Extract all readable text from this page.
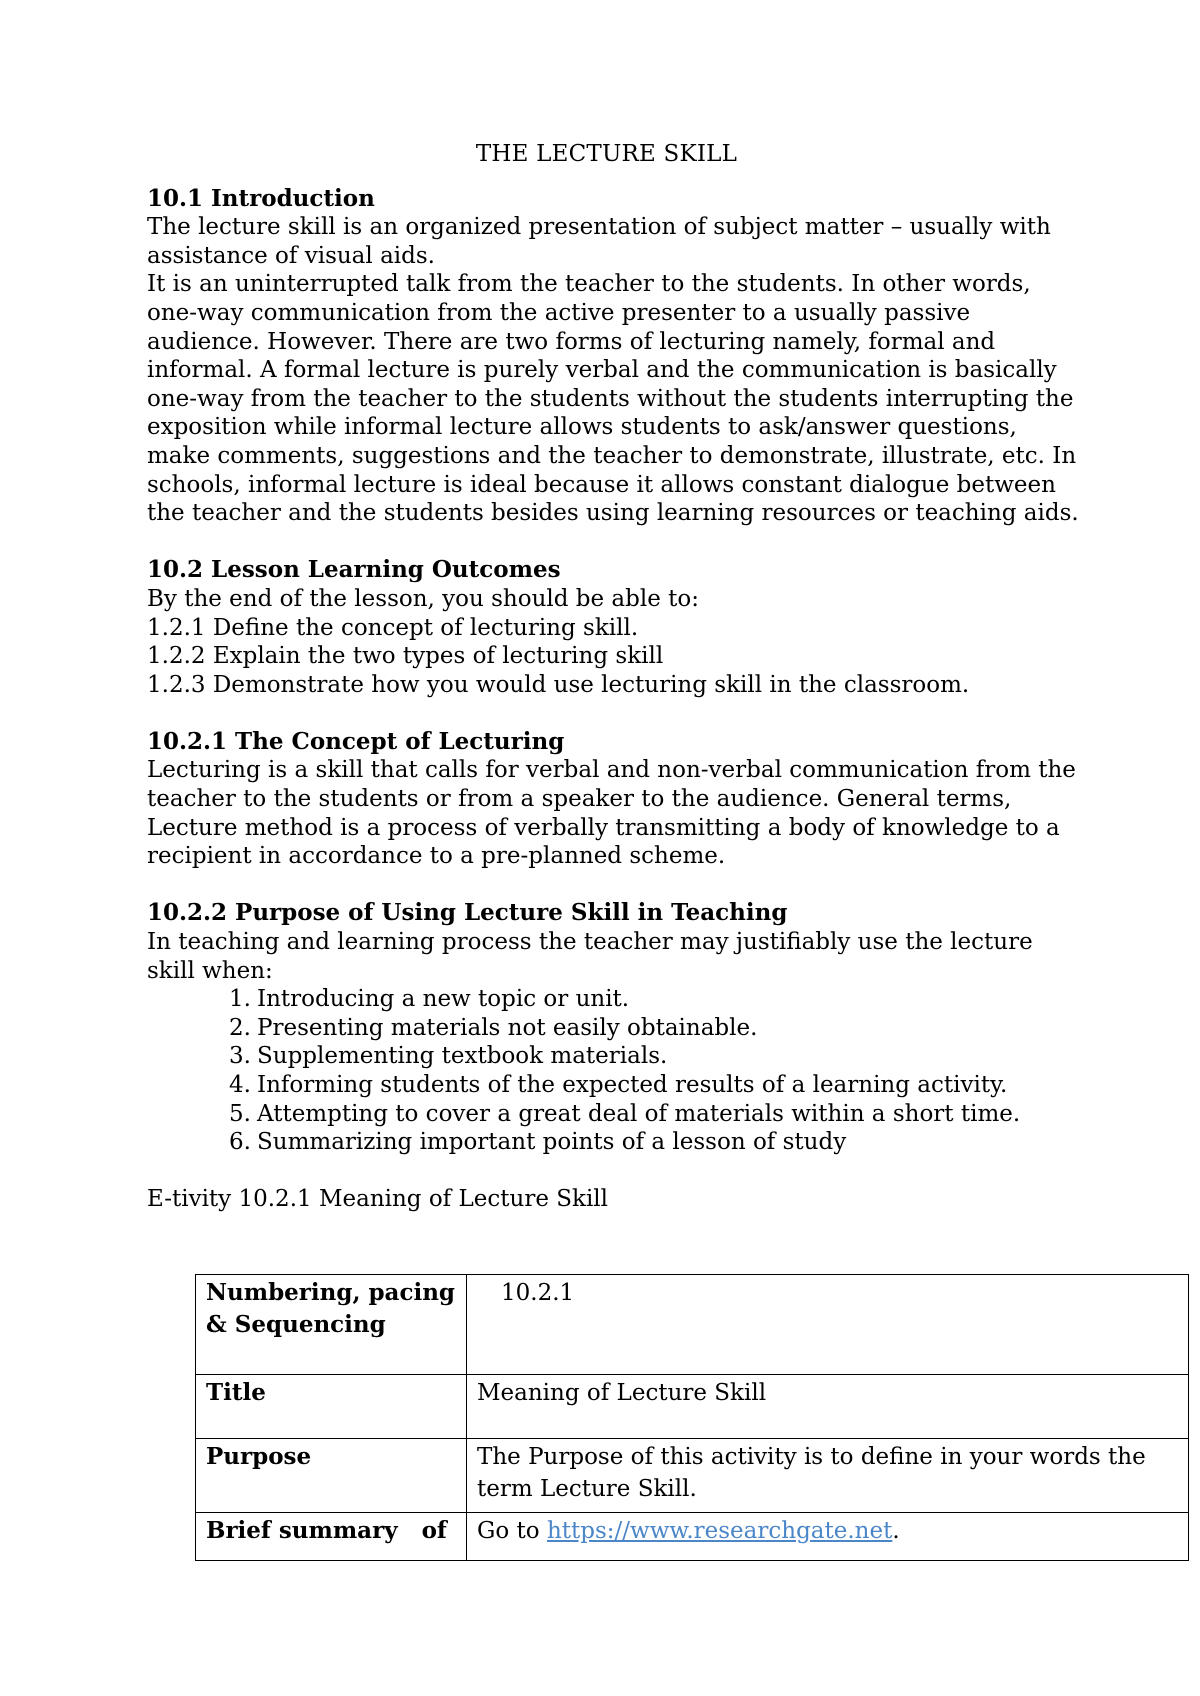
THE LECTURE SKILL
10.1 Introduction

The lecture skill is an organized presentation of subject matter – usually with assistance of visual aids.

It is an uninterrupted talk from the teacher to the students. In other words, one-way communication from the active presenter to a usually passive audience. However. There are two forms of lecturing namely, formal and informal. A formal lecture is purely verbal and the communication is basically one-way from the teacher to the students without the students interrupting the exposition while informal lecture allows students to ask/answer questions, make comments, suggestions and the teacher to demonstrate, illustrate, etc. In schools, informal lecture is ideal because it allows constant dialogue between the teacher and the students besides using learning resources or teaching aids.

10.2 Lesson Learning Outcomes

By the end of the lesson, you should be able to:

1.2.1 Define the concept of lecturing skill.

1.2.2 Explain the two types of lecturing skill

1.2.3 Demonstrate how you would use lecturing skill in the classroom.

10.2.1 The Concept of Lecturing

Lecturing is a skill that calls for verbal and non-verbal communication from the teacher to the students or from a speaker to the audience. General terms, Lecture method is a process of verbally transmitting a body of knowledge to a recipient in accordance to a pre-planned scheme.

10.2.2 Purpose of Using Lecture Skill in Teaching

In teaching and learning process the teacher may justifiably use the lecture skill when:

1. Introducing a new topic or unit.
2. Presenting materials not easily obtainable.
3. Supplementing textbook materials.
4. Informing students of the expected results of a learning activity.
5. Attempting to cover a great deal of materials within a short time.
6. Summarizing important points of a lesson of study

E-tivity 10.2.1 Meaning of Lecture Skill

Numbering, pacing & Sequencing	10.2.1
Title	Meaning of Lecture Skill
Purpose	The Purpose of this activity is to define in your words the term Lecture Skill.
Brief summary   of	Go to https://www.researchgate.net.
